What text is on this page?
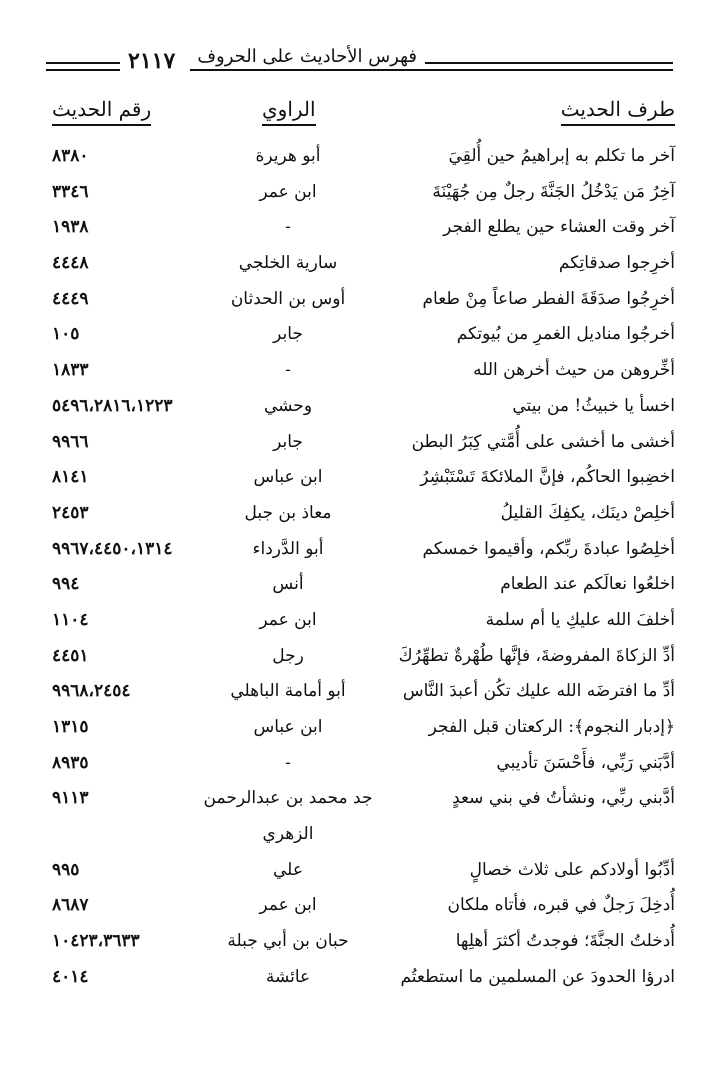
٢١١٧	فهرس الأحاديث على الحروف
طرف الحديث
الراوي
رقم الحديث
آخر ما تكلم به إبراهيمُ حين أُلقِيَ
أبو هريرة
٨٣٨٠
آخِرُ مَن يَدْخُلُ الجَنَّةَ رجلٌ مِن جُهَيْنَةَ
ابن عمر
٣٣٤٦
آخر وقت العشاء حين يطلع الفجر
-
١٩٣٨
أخرِجوا صدقاتِكم
سارية الخلجي
٤٤٤٨
أخرِجُوا صدَقَةَ الفطر صاعاً مِنْ طعام
أوس بن الحدثان
٤٤٤٩
أخرجُوا مناديل الغمرِ من بُيوتكم
جابر
١٠٥
أخِّروهن من حيث أخرهن الله
-
١٨٣٣
اخسأ يا خبيثُ! من بيتي
وحشي
٥٤٩٦،٢٨١٦،١٢٢٣
أخشى ما أخشى على أُمَّتي كِبَرُ البطن
جابر
٩٩٦٦
اخضِبوا الحاكُم، فإنَّ الملائكةَ تَسْتَبْشِرُ
ابن عباس
٨١٤١
أخلِصْ دينَك، يكفِكَ القليلُ
معاذ بن جبل
٢٤٥٣
أخلِصُوا عبادةَ ربِّكم، وأقيموا خمسكم
أبو الدَّرداء
٩٩٦٧،٤٤٥٠،١٣١٤
اخلعُوا نعالَكم عند الطعام
أنس
٩٩٤
أخلفَ الله عليكِ يا أم سلمة
ابن عمر
١١٠٤
أدِّ الزكاةَ المفروضةَ، فإنَّها طُهْرةٌ تطهِّرُكَ
رجل
٤٤٥١
أدِّ ما افترضَه الله عليك تكُن أعبدَ النَّاس
أبو أمامة الباهلي
٩٩٦٨،٢٤٥٤
﴿إدبار النجوم﴾: الركعتان قبل الفجر
ابن عباس
١٣١٥
أدَّبَني رَبِّي، فأَحْسَنَ تأديبي
-
٨٩٣٥
أدَّبني ربِّي، ونشأتُ في بني سعدٍ
جد محمد بن عبدالرحمن
٩١١٣
الزهري
أدِّبُوا أولادكم على ثلاث خصالٍ
علي
٩٩٥
أُدخِلَ رَجلٌ في قبره، فأتاه ملكان
ابن عمر
٨٦٨٧
أُدخلتُ الجنَّةَ؛ فوجدتُ أكثرَ أهلِها
حبان بن أبي جبلة
١٠٤٢٣،٣٦٣٣
ادرؤا الحدودَ عن المسلمين ما استطعتُم
عائشة
٤٠١٤
